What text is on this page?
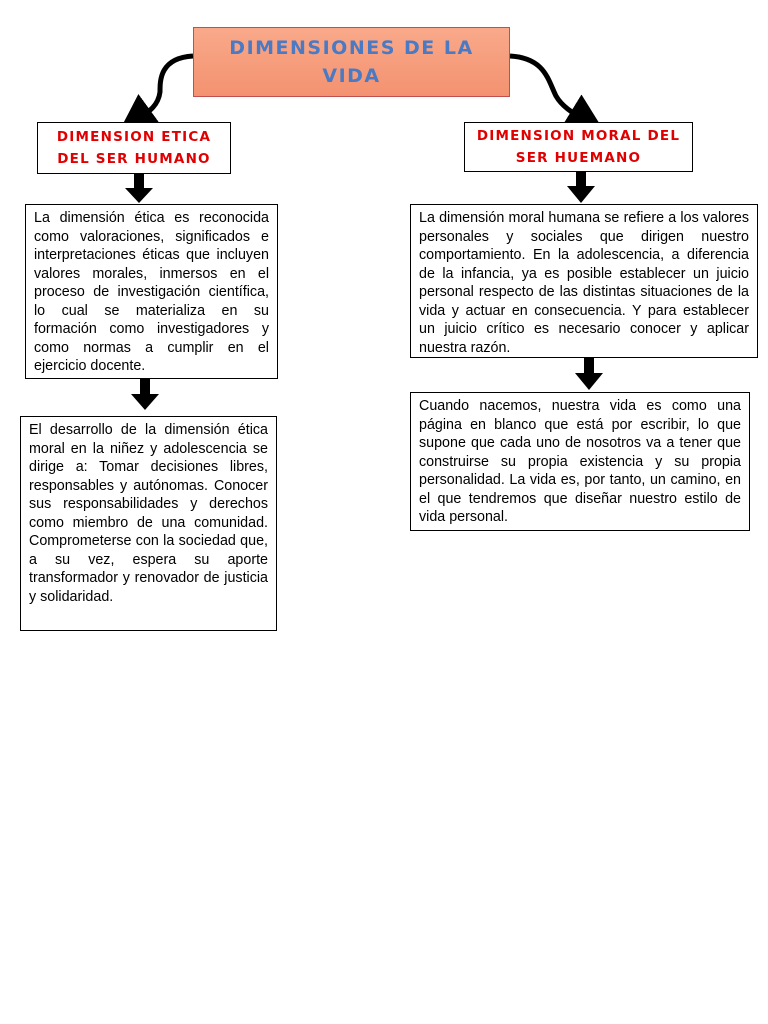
DIMENSIONES DE LA VIDA
DIMENSION ETICA DEL SER HUMANO
DIMENSION MORAL DEL SER HUEMANO
La dimensión ética es reconocida como valoraciones, significados e interpretaciones éticas que incluyen valores morales, inmersos en el proceso de investigación científica, lo cual se materializa en su formación como investigadores y como normas a cumplir en el ejercicio docente.
El desarrollo de la dimensión ética moral en la niñez y adolescencia se dirige a: Tomar decisiones libres, responsables y autónomas. Conocer sus responsabilidades y derechos como miembro de una comunidad. Comprometerse con la sociedad que, a su vez, espera su aporte transformador y renovador de justicia y solidaridad.
La dimensión moral humana se refiere a los valores personales y sociales que dirigen nuestro comportamiento. En la adolescencia, a diferencia de la infancia, ya es posible establecer un juicio personal respecto de las distintas situaciones de la vida y actuar en consecuencia. Y para establecer un juicio crítico es necesario conocer y aplicar nuestra razón.
Cuando nacemos, nuestra vida es como una página en blanco que está por escribir, lo que supone que cada uno de nosotros va a tener que construirse su propia existencia y su propia personalidad. La vida es, por tanto, un camino, en el que tendremos que diseñar nuestro estilo de vida personal.
